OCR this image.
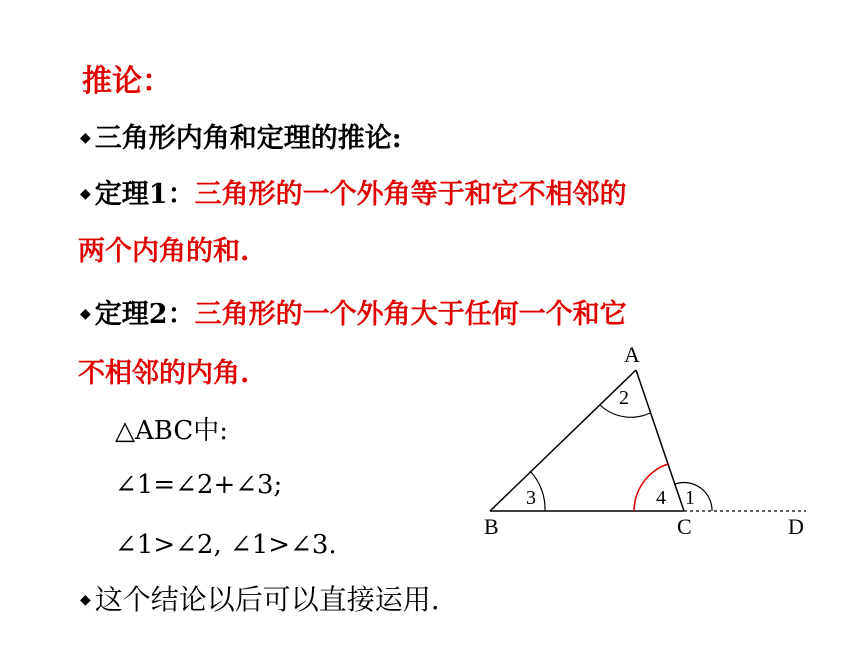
推论：
◆ 三角形内角和定理的推论:
◆ 定理1：三角形的一个外角等于和它不相邻的
两个内角的和.
◆ 定理2：三角形的一个外角大于任何一个和它
不相邻的内角.
△ABC中:
∠1=∠2+∠3;
∠1>∠2, ∠1>∠3.
◆ 这个结论以后可以直接运用.
A
B	C	D
2
3	4 1
